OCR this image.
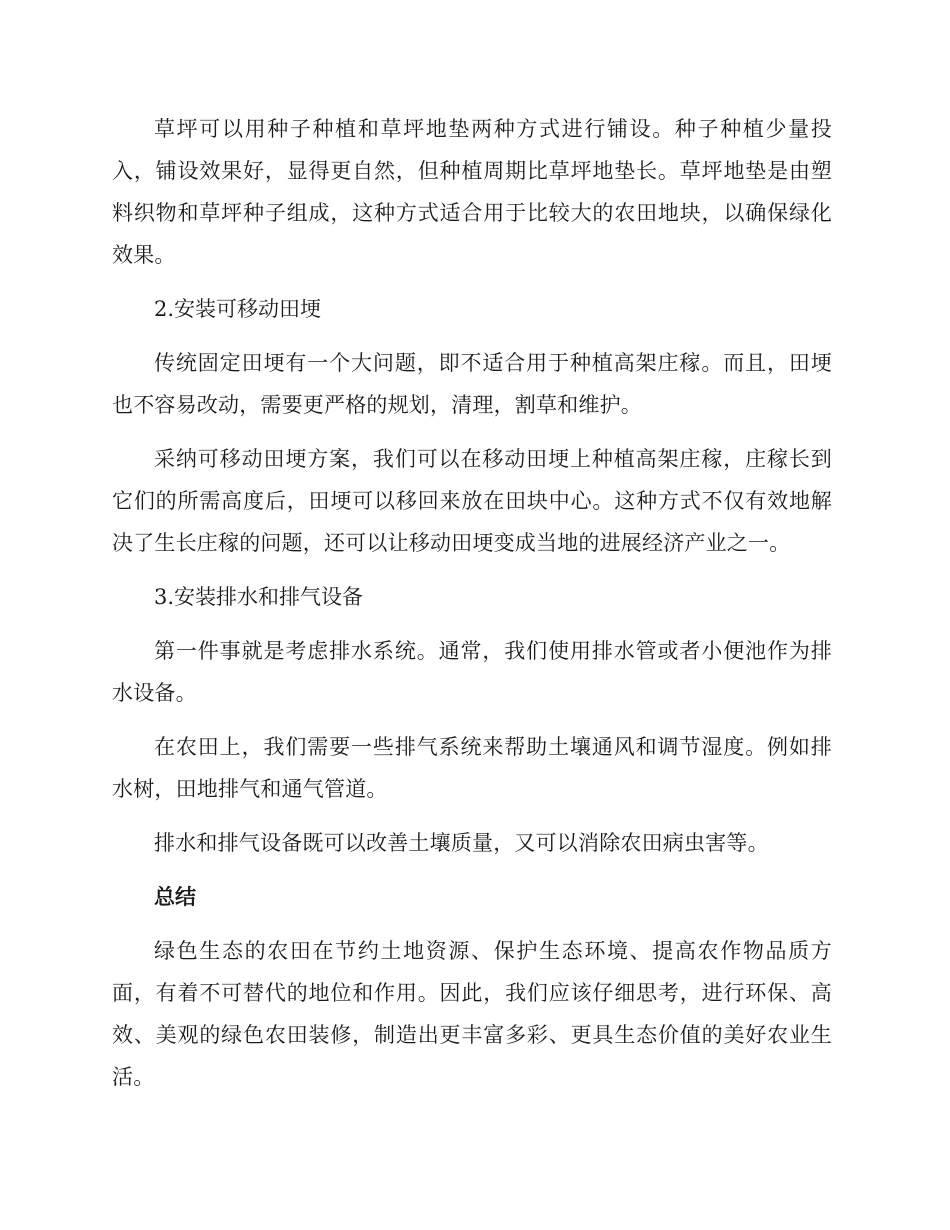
草坪可以用种子种植和草坪地垫两种方式进行铺设。种子种植少量投入，铺设效果好，显得更自然，但种植周期比草坪地垫长。草坪地垫是由塑料织物和草坪种子组成，这种方式适合用于比较大的农田地块，以确保绿化效果。

2.安装可移动田埂

传统固定田埂有一个大问题，即不适合用于种植高架庄稼。而且，田埂也不容易改动，需要更严格的规划，清理，割草和维护。

采纳可移动田埂方案，我们可以在移动田埂上种植高架庄稼，庄稼长到它们的所需高度后，田埂可以移回来放在田块中心。这种方式不仅有效地解决了生长庄稼的问题，还可以让移动田埂变成当地的进展经济产业之一。

3.安装排水和排气设备

第一件事就是考虑排水系统。通常，我们使用排水管或者小便池作为排水设备。

在农田上，我们需要一些排气系统来帮助土壤通风和调节湿度。例如排水树，田地排气和通气管道。

排水和排气设备既可以改善土壤质量，又可以消除农田病虫害等。

总结

绿色生态的农田在节约土地资源、保护生态环境、提高农作物品质方面，有着不可替代的地位和作用。因此，我们应该仔细思考，进行环保、高效、美观的绿色农田装修，制造出更丰富多彩、更具生态价值的美好农业生活。
